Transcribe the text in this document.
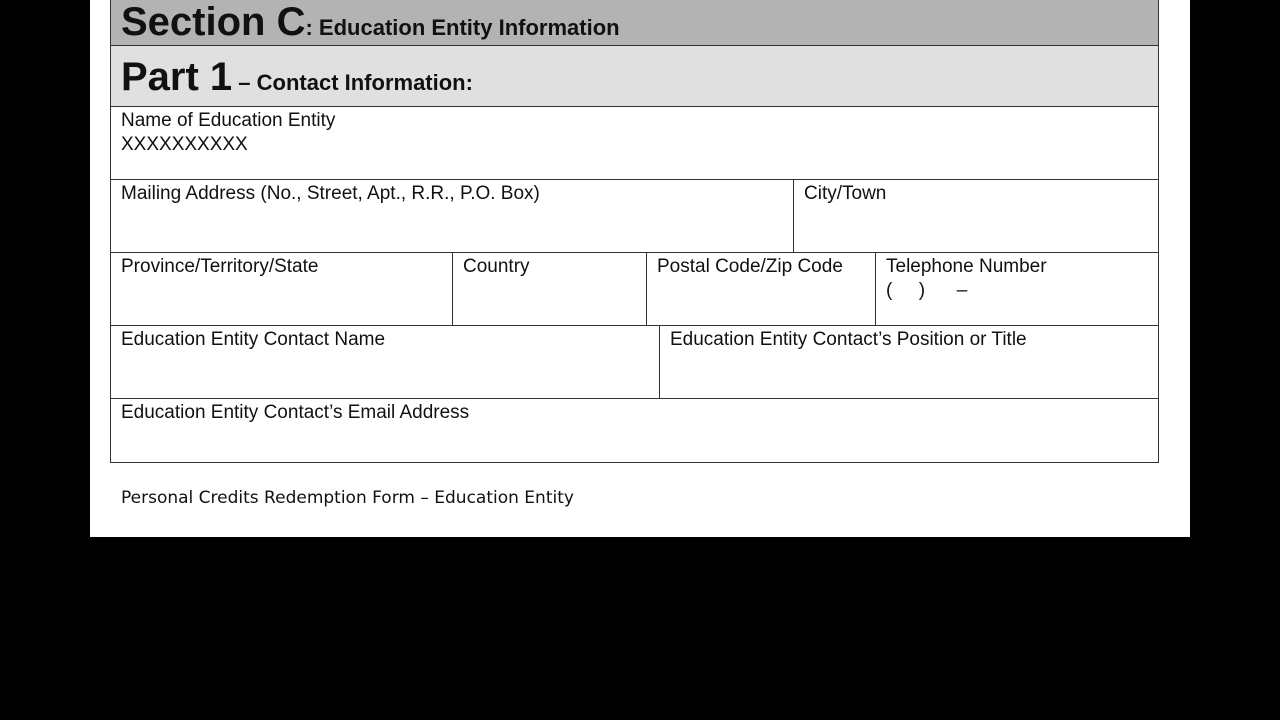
Section C: Education Entity Information
Part 1 – Contact Information:
Name of Education Entity
XXXXXXXXXX
Mailing Address (No., Street, Apt., R.R., P.O. Box)	City/Town
Province/Territory/State	Country	Postal Code/Zip Code	Telephone Number
( ) –
Education Entity Contact Name	Education Entity Contact’s Position or Title
Education Entity Contact’s Email Address
Personal Credits Redemption Form – Education Entity
